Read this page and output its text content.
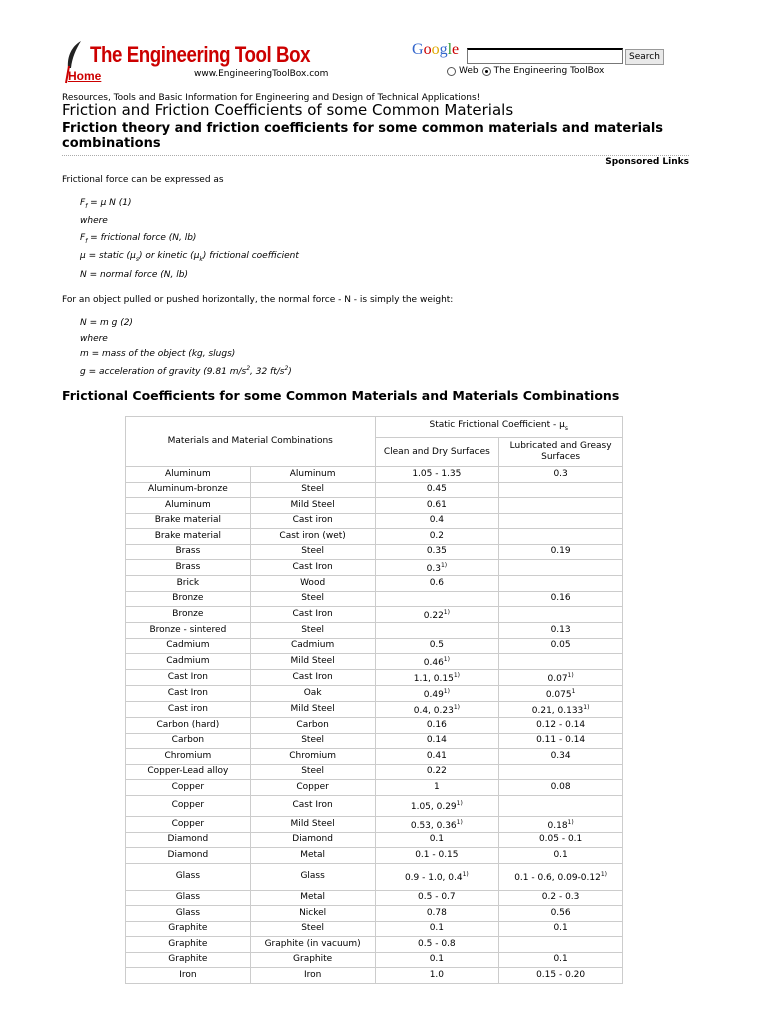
The Engineering Tool Box
Home	www.EngineeringToolBox.com
Google	Search
Web The Engineering ToolBox
Resources, Tools and Basic Information for Engineering and Design of Technical Applications!
Friction and Friction Coefficients of some Common Materials
Friction theory and friction coefficients for some common materials and materials combinations
Sponsored Links
Frictional force can be expressed as
$F_f = \mu$ N (1)
where
$F_f$ = frictional force (N, lb)
μ = static $(\mu_s)$ or kinetic $(\mu_k)$ frictional coefficient
N = normal force (N, lb)
For an object pulled or pushed horizontally, the normal force - N - is simply the weight:
N = m g (2)
where
m = mass of the object (kg, slugs)
g = acceleration of gravity (9.81 $m/s^2$, 32 $ft/s^2$)
Frictional Coefficients for some Common Materials and Materials Combinations
Materials and Material Combinations		Static Frictional Coefficient - $\mu_s$
		Clean and Dry Surfaces	Lubricated and Greasy Surfaces
Aluminum	Aluminum	1.05 - 1.35	0.3
Aluminum-bronze	Steel	0.45	
Aluminum	Mild Steel	0.61	
Brake material	Cast iron	0.4	
Brake material	Cast iron (wet)	0.2	
Brass	Steel	0.35	0.19
Brass	Cast Iron	0.3$^{1)}$	
Brick	Wood	0.6	
Bronze	Steel		0.16
Bronze	Cast Iron	0.22$^{1)}$	
Bronze - sintered	Steel		0.13
Cadmium	Cadmium	0.5	0.05
Cadmium	Mild Steel	0.46$^{1)}$	
Cast Iron	Cast Iron	1.1, 0.15$^{1)}$	0.07$^{1)}$
Cast Iron	Oak	0.49$^{1)}$	0.075$^1$
Cast iron	Mild Steel	0.4, 0.23$^{1)}$	0.21, 0.133$^{1)}$
Carbon (hard)	Carbon	0.16	0.12 - 0.14
Carbon	Steel	0.14	0.11 - 0.14
Chromium	Chromium	0.41	0.34
Copper-Lead alloy	Steel	0.22	
Copper	Copper	1	0.08
Copper	Cast Iron	1.05, 0.29$^{1)}$	
Copper	Mild Steel	0.53, 0.36$^{1)}$	0.18$^{1)}$
Diamond	Diamond	0.1	0.05 - 0.1
Diamond	Metal	0.1 - 0.15	0.1
Glass	Glass	0.9 - 1.0, 0.4$^{1)}$	0.1 - 0.6, 0.09-0.12$^{1)}$
Glass	Metal	0.5 - 0.7	0.2 - 0.3
Glass	Nickel	0.78	0.56
Graphite	Steel	0.1	0.1
Graphite	Graphite (in vacuum)	0.5 - 0.8	
Graphite	Graphite	0.1	0.1
Iron	Iron	1.0	0.15 - 0.20
